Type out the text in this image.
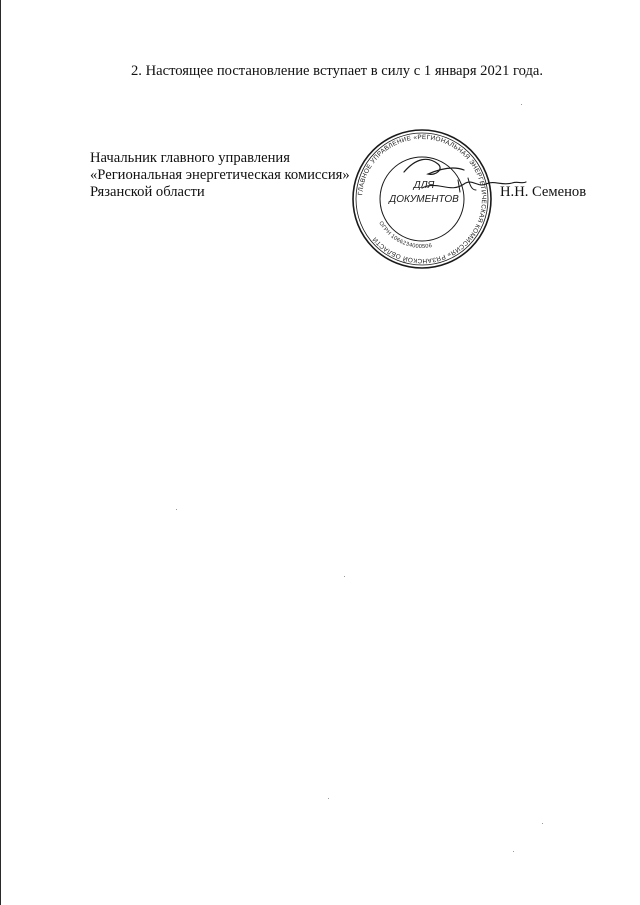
2. Настоящее постановление вступает в силу с 1 января 2021 года.
Начальник главного управления
«Региональная энергетическая комиссия»
Рязанской области	ГЛАВНОЕ УПРАВЛЕНИЕ «РЕГИОНАЛЬНАЯ ЭНЕРГЕТИЧЕСКАЯ КОМИССИЯ» РЯЗАНСКОЙ ОБЛАСТИ
ОГРН 1066234000506
ДЛЯ
ДОКУМЕНТОВ	Н.Н. Семенов
